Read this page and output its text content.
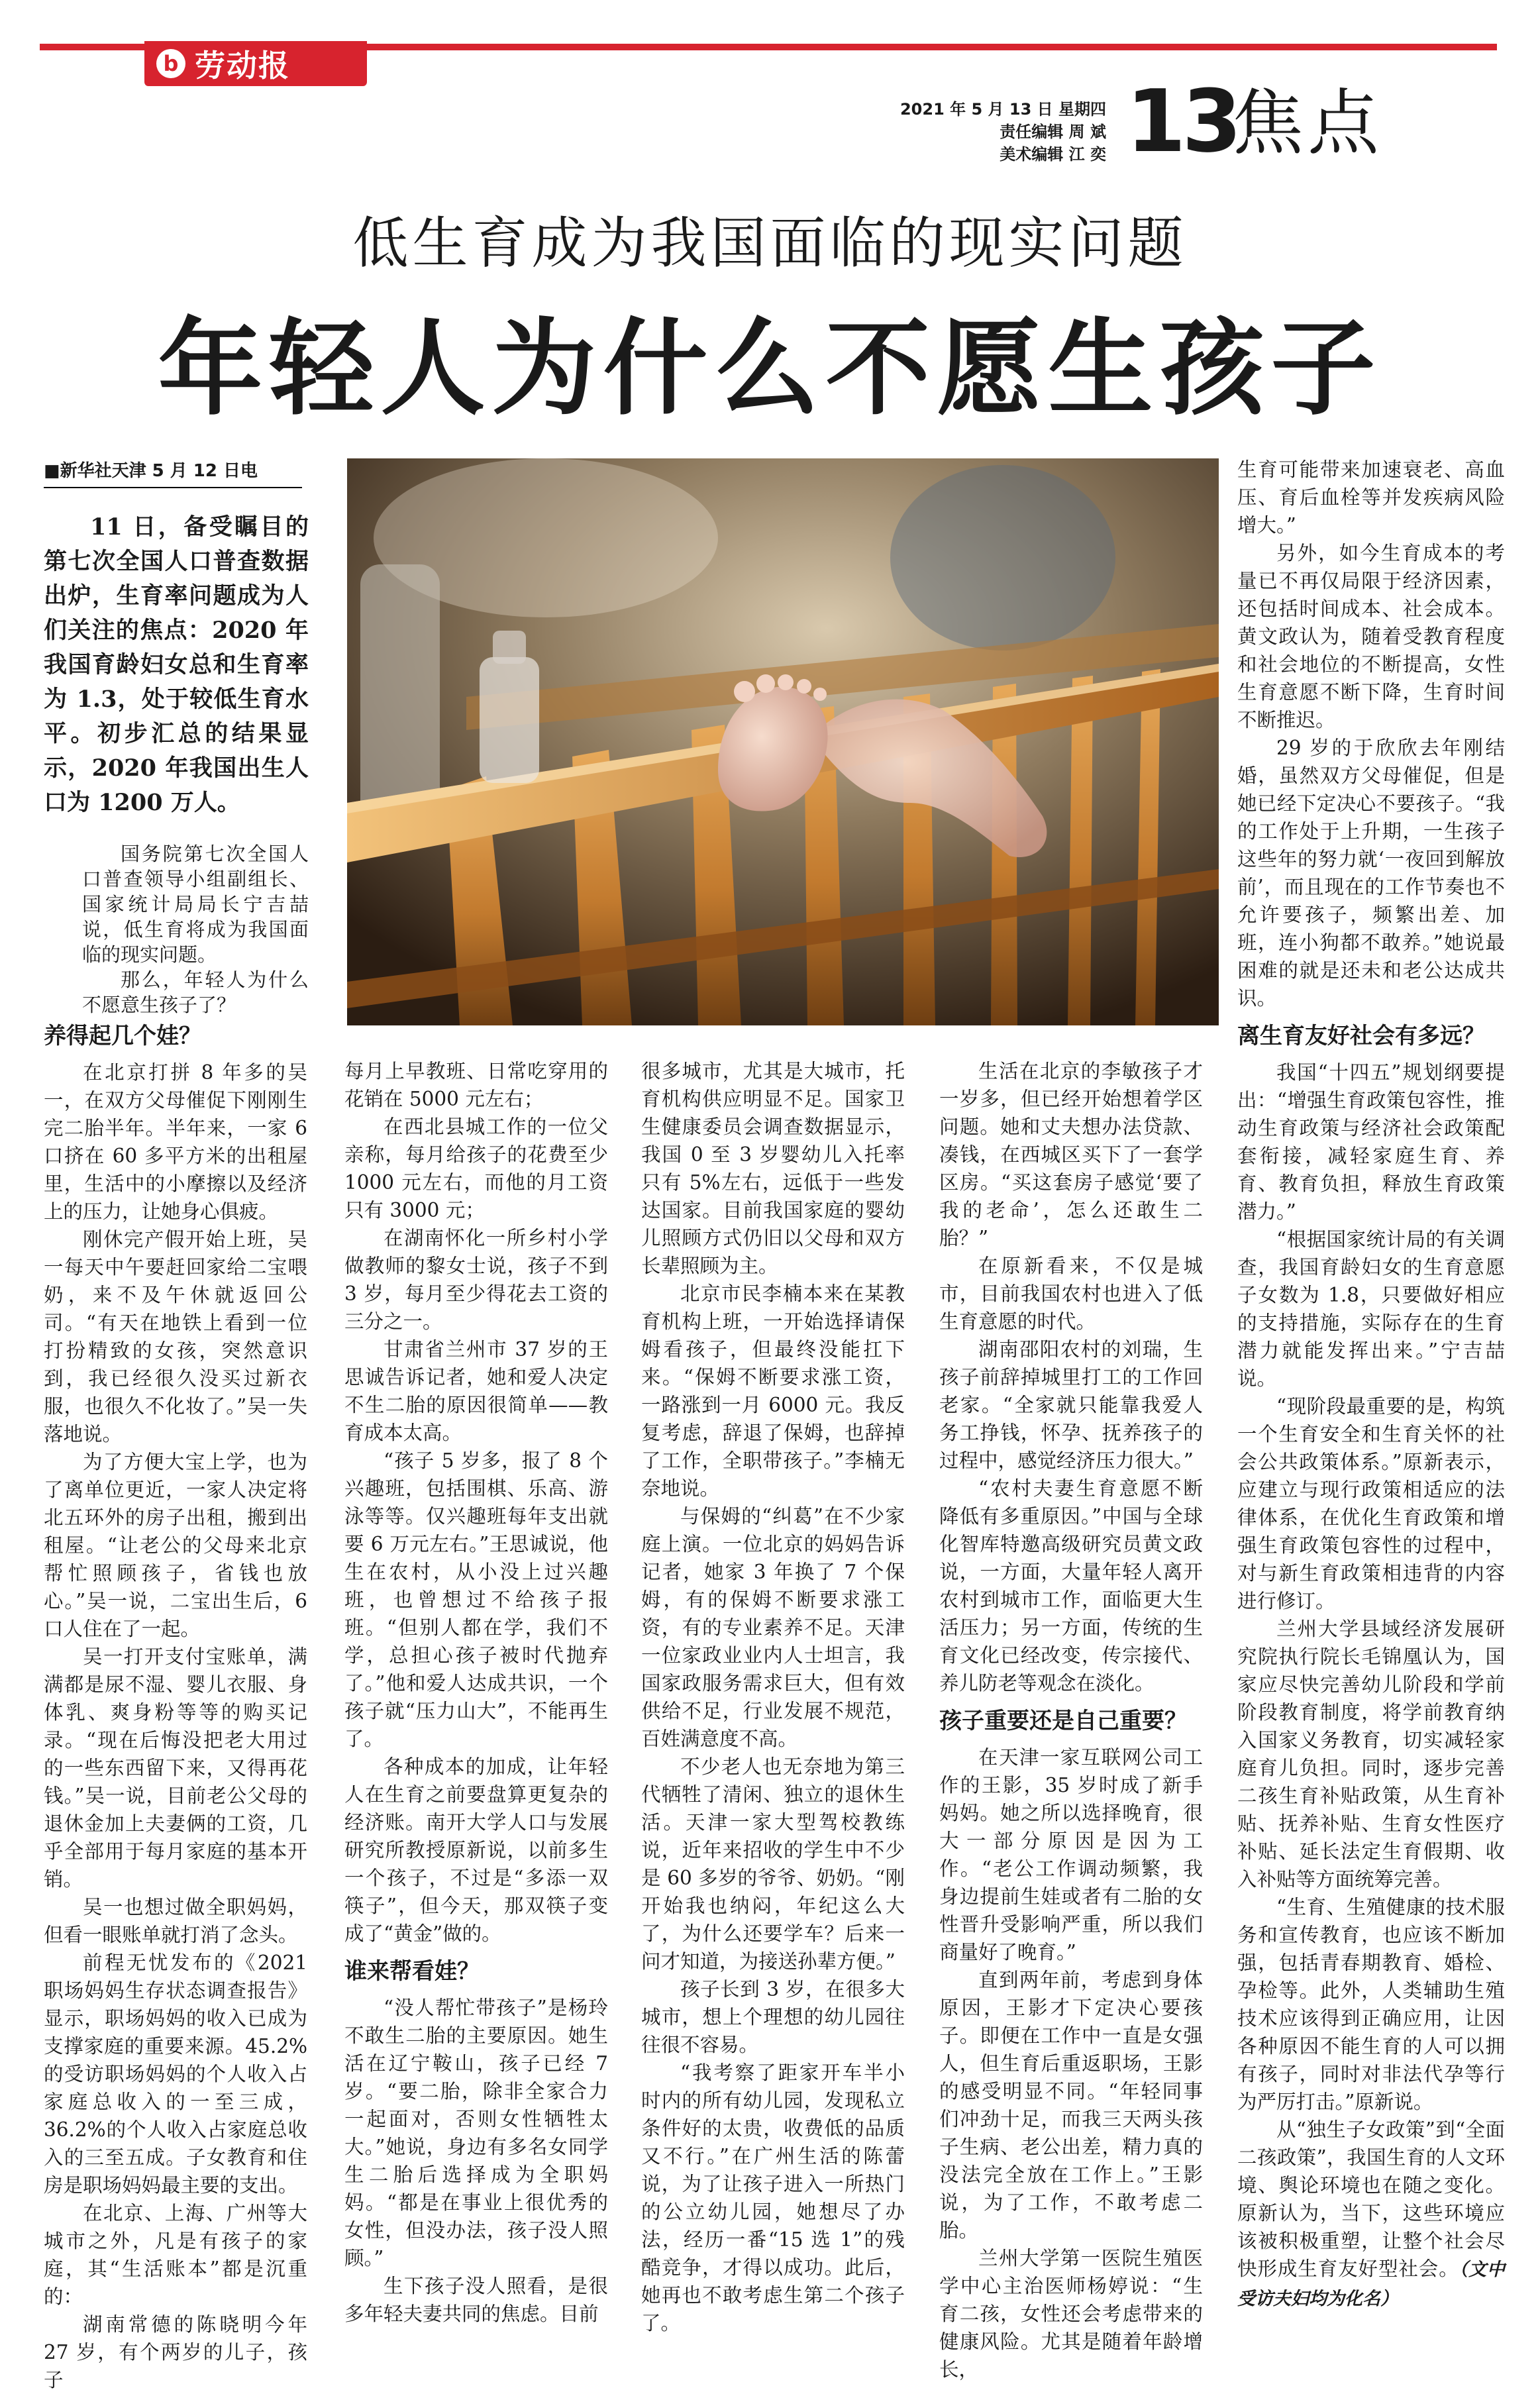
b 劳动报
2021 年 5 月 13 日 星期四
责任编辑 周 斌
美术编辑 江 奕 13
焦点
低生育成为我国面临的现实问题
年轻人为什么不愿生孩子
■新华社天津 5 月 12 日电
11 日，备受瞩目的第七次全国人口普查数据出炉，生育率问题成为人们关注的焦点：2020 年我国育龄妇女总和生育率为 1.3，处于较低生育水平。初步汇总的结果显示，2020 年我国出生人口为 1200 万人。

国务院第七次全国人口普查领导小组副组长、国家统计局局长宁吉喆说，低生育将成为我国面临的现实问题。

那么，年轻人为什么不愿意生孩子了？

养得起几个娃？

在北京打拼 8 年多的吴一，在双方父母催促下刚刚生完二胎半年。半年来，一家 6 口挤在 60 多平方米的出租屋里，生活中的小摩擦以及经济上的压力，让她身心俱疲。

刚休完产假开始上班，吴一每天中午要赶回家给二宝喂奶，来不及午休就返回公司。“有天在地铁上看到一位打扮精致的女孩，突然意识到，我已经很久没买过新衣服，也很久不化妆了。”吴一失落地说。

为了方便大宝上学，也为了离单位更近，一家人决定将北五环外的房子出租，搬到出租屋。“让老公的父母来北京帮忙照顾孩子，省钱也放心。”吴一说，二宝出生后，6 口人住在了一起。

吴一打开支付宝账单，满满都是尿不湿、婴儿衣服、身体乳、爽身粉等等的购买记录。“现在后悔没把老大用过的一些东西留下来，又得再花钱。”吴一说，目前老公父母的退休金加上夫妻俩的工资，几乎全部用于每月家庭的基本开销。

吴一也想过做全职妈妈，但看一眼账单就打消了念头。

前程无忧发布的《2021 职场妈妈生存状态调查报告》显示，职场妈妈的收入已成为支撑家庭的重要来源。45.2%的受访职场妈妈的个人收入占家庭总收入的一至三成，36.2%的个人收入占家庭总收入的三至五成。子女教育和住房是职场妈妈最主要的支出。

在北京、上海、广州等大城市之外，凡是有孩子的家庭，其“生活账本”都是沉重的：

湖南常德的陈晓明今年 27 岁，有个两岁的儿子，孩子

每月上早教班、日常吃穿用的花销在 5000 元左右；

在西北县城工作的一位父亲称，每月给孩子的花费至少 1000 元左右，而他的月工资只有 3000 元；

在湖南怀化一所乡村小学做教师的黎女士说，孩子不到 3 岁，每月至少得花去工资的三分之一。

甘肃省兰州市 37 岁的王思诚告诉记者，她和爱人决定不生二胎的原因很简单——教育成本太高。

“孩子 5 岁多，报了 8 个兴趣班，包括围棋、乐高、游泳等等。仅兴趣班每年支出就要 6 万元左右。”王思诚说，他生在农村，从小没上过兴趣班，也曾想过不给孩子报班。“但别人都在学，我们不学，总担心孩子被时代抛弃了。”他和爱人达成共识，一个孩子就“压力山大”，不能再生了。

各种成本的加成，让年轻人在生育之前要盘算更复杂的经济账。南开大学人口与发展研究所教授原新说，以前多生一个孩子，不过是“多添一双筷子”，但今天，那双筷子变成了“黄金”做的。

谁来帮看娃？

“没人帮忙带孩子”是杨玲不敢生二胎的主要原因。她生活在辽宁鞍山，孩子已经 7 岁。“要二胎，除非全家合力一起面对，否则女性牺牲太大。”她说，身边有多名女同学生二胎后选择成为全职妈妈。“都是在事业上很优秀的女性，但没办法，孩子没人照顾。”

生下孩子没人照看，是很多年轻夫妻共同的焦虑。目前

很多城市，尤其是大城市，托育机构供应明显不足。国家卫生健康委员会调查数据显示，我国 0 至 3 岁婴幼儿入托率只有 5%左右，远低于一些发达国家。目前我国家庭的婴幼儿照顾方式仍旧以父母和双方长辈照顾为主。

北京市民李楠本来在某教育机构上班，一开始选择请保姆看孩子，但最终没能扛下来。“保姆不断要求涨工资，一路涨到一月 6000 元。我反复考虑，辞退了保姆，也辞掉了工作，全职带孩子。”李楠无奈地说。

与保姆的“纠葛”在不少家庭上演。一位北京的妈妈告诉记者，她家 3 年换了 7 个保姆，有的保姆不断要求涨工资，有的专业素养不足。天津一位家政业业内人士坦言，我国家政服务需求巨大，但有效供给不足，行业发展不规范，百姓满意度不高。

不少老人也无奈地为第三代牺牲了清闲、独立的退休生活。天津一家大型驾校教练说，近年来招收的学生中不少是 60 多岁的爷爷、奶奶。“刚开始我也纳闷，年纪这么大了，为什么还要学车？后来一问才知道，为接送孙辈方便。”

孩子长到 3 岁，在很多大城市，想上个理想的幼儿园往往很不容易。

“我考察了距家开车半小时内的所有幼儿园，发现私立条件好的太贵，收费低的品质又不行。”在广州生活的陈蕾说，为了让孩子进入一所热门的公立幼儿园，她想尽了办法，经历一番“15 选 1”的残酷竞争，才得以成功。此后，她再也不敢考虑生第二个孩子了。

生活在北京的李敏孩子才一岁多，但已经开始想着学区问题。她和丈夫想办法贷款、凑钱，在西城区买下了一套学区房。“买这套房子感觉‘要了我的老命’，怎么还敢生二胎？”

在原新看来，不仅是城市，目前我国农村也进入了低生育意愿的时代。

湖南邵阳农村的刘瑞，生孩子前辞掉城里打工的工作回老家。“全家就只能靠我爱人务工挣钱，怀孕、抚养孩子的过程中，感觉经济压力很大。”

“农村夫妻生育意愿不断降低有多重原因。”中国与全球化智库特邀高级研究员黄文政说，一方面，大量年轻人离开农村到城市工作，面临更大生活压力；另一方面，传统的生育文化已经改变，传宗接代、养儿防老等观念在淡化。

孩子重要还是自己重要？

在天津一家互联网公司工作的王影，35 岁时成了新手妈妈。她之所以选择晚育，很大一部分原因是因为工作。“老公工作调动频繁，我身边提前生娃或者有二胎的女性晋升受影响严重，所以我们商量好了晚育。”

直到两年前，考虑到身体原因，王影才下定决心要孩子。即便在工作中一直是女强人，但生育后重返职场，王影的感受明显不同。“年轻同事们冲劲十足，而我三天两头孩子生病、老公出差，精力真的没法完全放在工作上。”王影说，为了工作，不敢考虑二胎。

兰州大学第一医院生殖医学中心主治医师杨婷说：“生育二孩，女性还会考虑带来的健康风险。尤其是随着年龄增长，

生育可能带来加速衰老、高血压、育后血栓等并发疾病风险增大。”

另外，如今生育成本的考量已不再仅局限于经济因素，还包括时间成本、社会成本。黄文政认为，随着受教育程度和社会地位的不断提高，女性生育意愿不断下降，生育时间不断推迟。

29 岁的于欣欣去年刚结婚，虽然双方父母催促，但是她已经下定决心不要孩子。“我的工作处于上升期，一生孩子这些年的努力就‘一夜回到解放前’，而且现在的工作节奏也不允许要孩子，频繁出差、加班，连小狗都不敢养。”她说最困难的就是还未和老公达成共识。

离生育友好社会有多远？

我国“十四五”规划纲要提出：“增强生育政策包容性，推动生育政策与经济社会政策配套衔接，减轻家庭生育、养育、教育负担，释放生育政策潜力。”

“根据国家统计局的有关调查，我国育龄妇女的生育意愿子女数为 1.8，只要做好相应的支持措施，实际存在的生育潜力就能发挥出来。”宁吉喆说。

“现阶段最重要的是，构筑一个生育安全和生育关怀的社会公共政策体系。”原新表示，应建立与现行政策相适应的法律体系，在优化生育政策和增强生育政策包容性的过程中，对与新生育政策相违背的内容进行修订。

兰州大学县域经济发展研究院执行院长毛锦凰认为，国家应尽快完善幼儿阶段和学前阶段教育制度，将学前教育纳入国家义务教育，切实减轻家庭育儿负担。同时，逐步完善二孩生育补贴政策，从生育补贴、抚养补贴、生育女性医疗补贴、延长法定生育假期、收入补贴等方面统筹完善。

“生育、生殖健康的技术服务和宣传教育，也应该不断加强，包括青春期教育、婚检、孕检等。此外，人类辅助生殖技术应该得到正确应用，让因各种原因不能生育的人可以拥有孩子，同时对非法代孕等行为严厉打击。”原新说。

从“独生子女政策”到“全面二孩政策”，我国生育的人文环境、舆论环境也在随之变化。原新认为，当下，这些环境应该被积极重塑，让整个社会尽快形成生育友好型社会。（文中受访夫妇均为化名）
